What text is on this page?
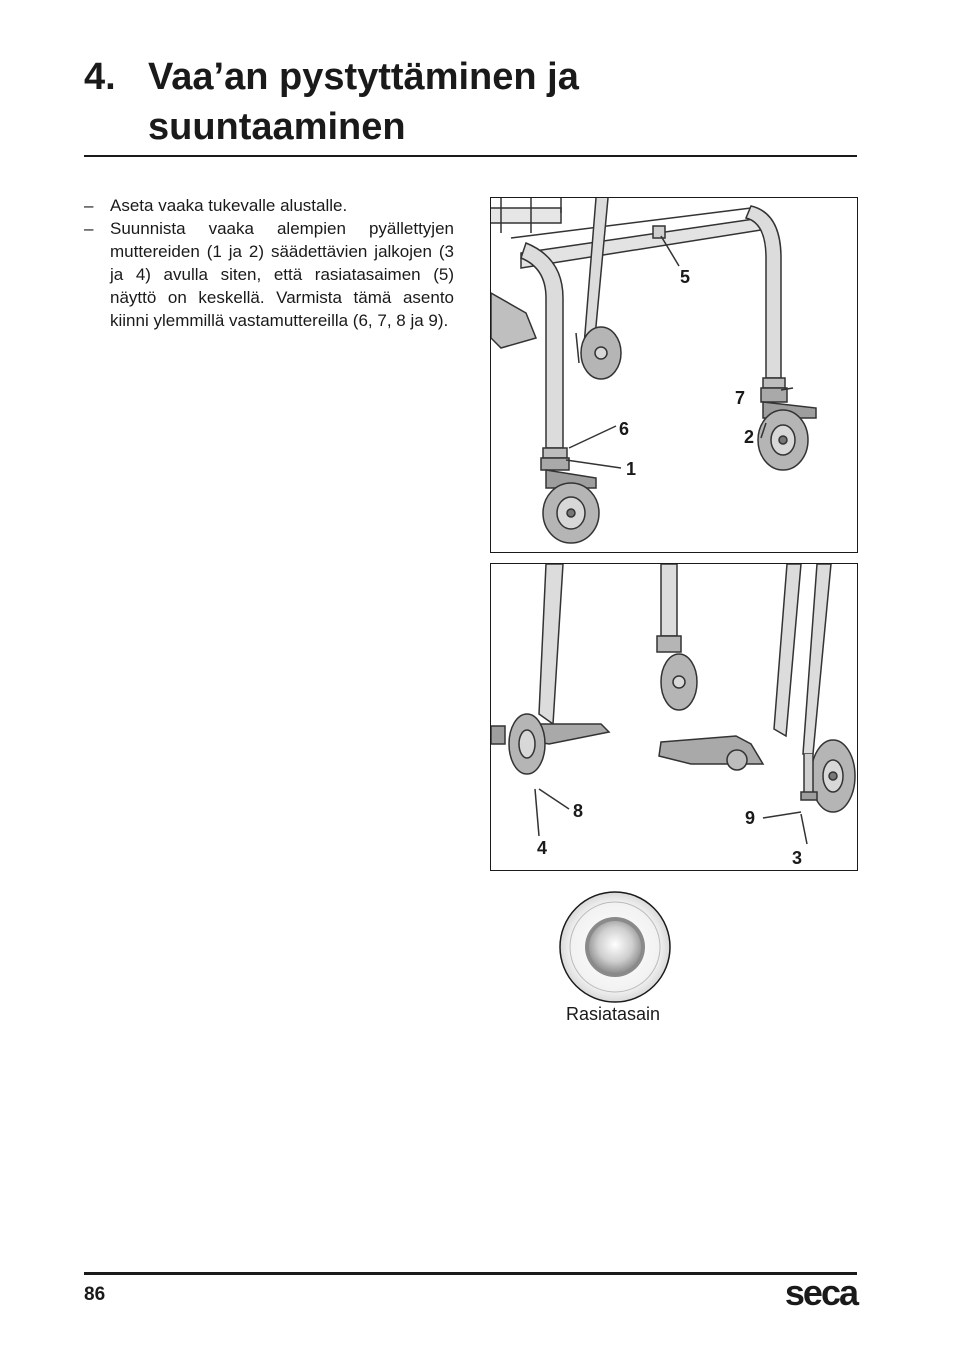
4. Vaa’an pystyttäminen ja suuntaaminen
– Aseta vaaka tukevalle alustalle.
– Suunnista vaaka alempien pyällettyjen muttereiden (1 ja 2) säädettävien jalkojen (3 ja 4) avulla siten, että rasiatasaimen (5) näyttö on keskellä. Varmista tämä asento kiinni ylemmillä vastamuttereilla (6, 7, 8 ja 9).
5
7
6	2
1
8	9
4	3
Rasiatasain
86	seca
